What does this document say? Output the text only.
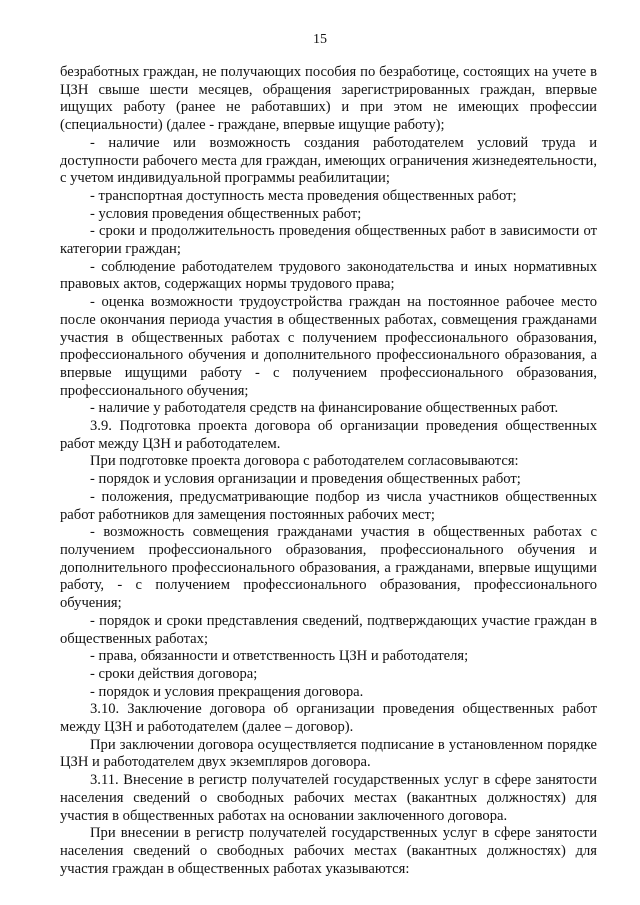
15

безработных граждан, не получающих пособия по безработице, состоящих на учете в ЦЗН свыше шести месяцев, обращения зарегистрированных граждан, впервые ищущих работу (ранее не работавших) и при этом не имеющих профессии (специальности) (далее - граждане, впервые ищущие работу);

- наличие или возможность создания работодателем условий труда и доступности рабочего места для граждан, имеющих ограничения жизнедеятельности, с учетом индивидуальной программы реабилитации;

- транспортная доступность места проведения общественных работ;

- условия проведения общественных работ;

- сроки и продолжительность проведения общественных работ в зависимости от категории граждан;

- соблюдение работодателем трудового законодательства и иных нормативных правовых актов, содержащих нормы трудового права;

- оценка возможности трудоустройства граждан на постоянное рабочее место после окончания периода участия в общественных работах, совмещения гражданами участия в общественных работах с получением профессионального образования, профессионального обучения и дополнительного профессионального образования, а впервые ищущими работу - с получением профессионального образования, профессионального обучения;

- наличие у работодателя средств на финансирование общественных работ.

3.9. Подготовка проекта договора об организации проведения общественных работ между ЦЗН и работодателем.

При подготовке проекта договора с работодателем согласовываются:

- порядок и условия организации и проведения общественных работ;

- положения, предусматривающие подбор из числа участников общественных работ работников для замещения постоянных рабочих мест;

- возможность совмещения гражданами участия в общественных работах с получением профессионального образования, профессионального обучения и дополнительного профессионального образования, а гражданами, впервые ищущими работу, - с получением профессионального образования, профессионального обучения;

- порядок и сроки представления сведений, подтверждающих участие граждан в общественных работах;

- права, обязанности и ответственность ЦЗН и работодателя;

- сроки действия договора;

- порядок и условия прекращения договора.

3.10. Заключение договора об организации проведения общественных работ между ЦЗН и работодателем (далее – договор).

При заключении договора осуществляется подписание в установленном порядке ЦЗН и работодателем двух экземпляров договора.

3.11. Внесение в регистр получателей государственных услуг в сфере занятости населения сведений о свободных рабочих местах (вакантных должностях) для участия в общественных работах на основании заключенного договора.

При внесении в регистр получателей государственных услуг в сфере занятости населения сведений о свободных рабочих местах (вакантных должностях) для участия граждан в общественных работах указываются:
